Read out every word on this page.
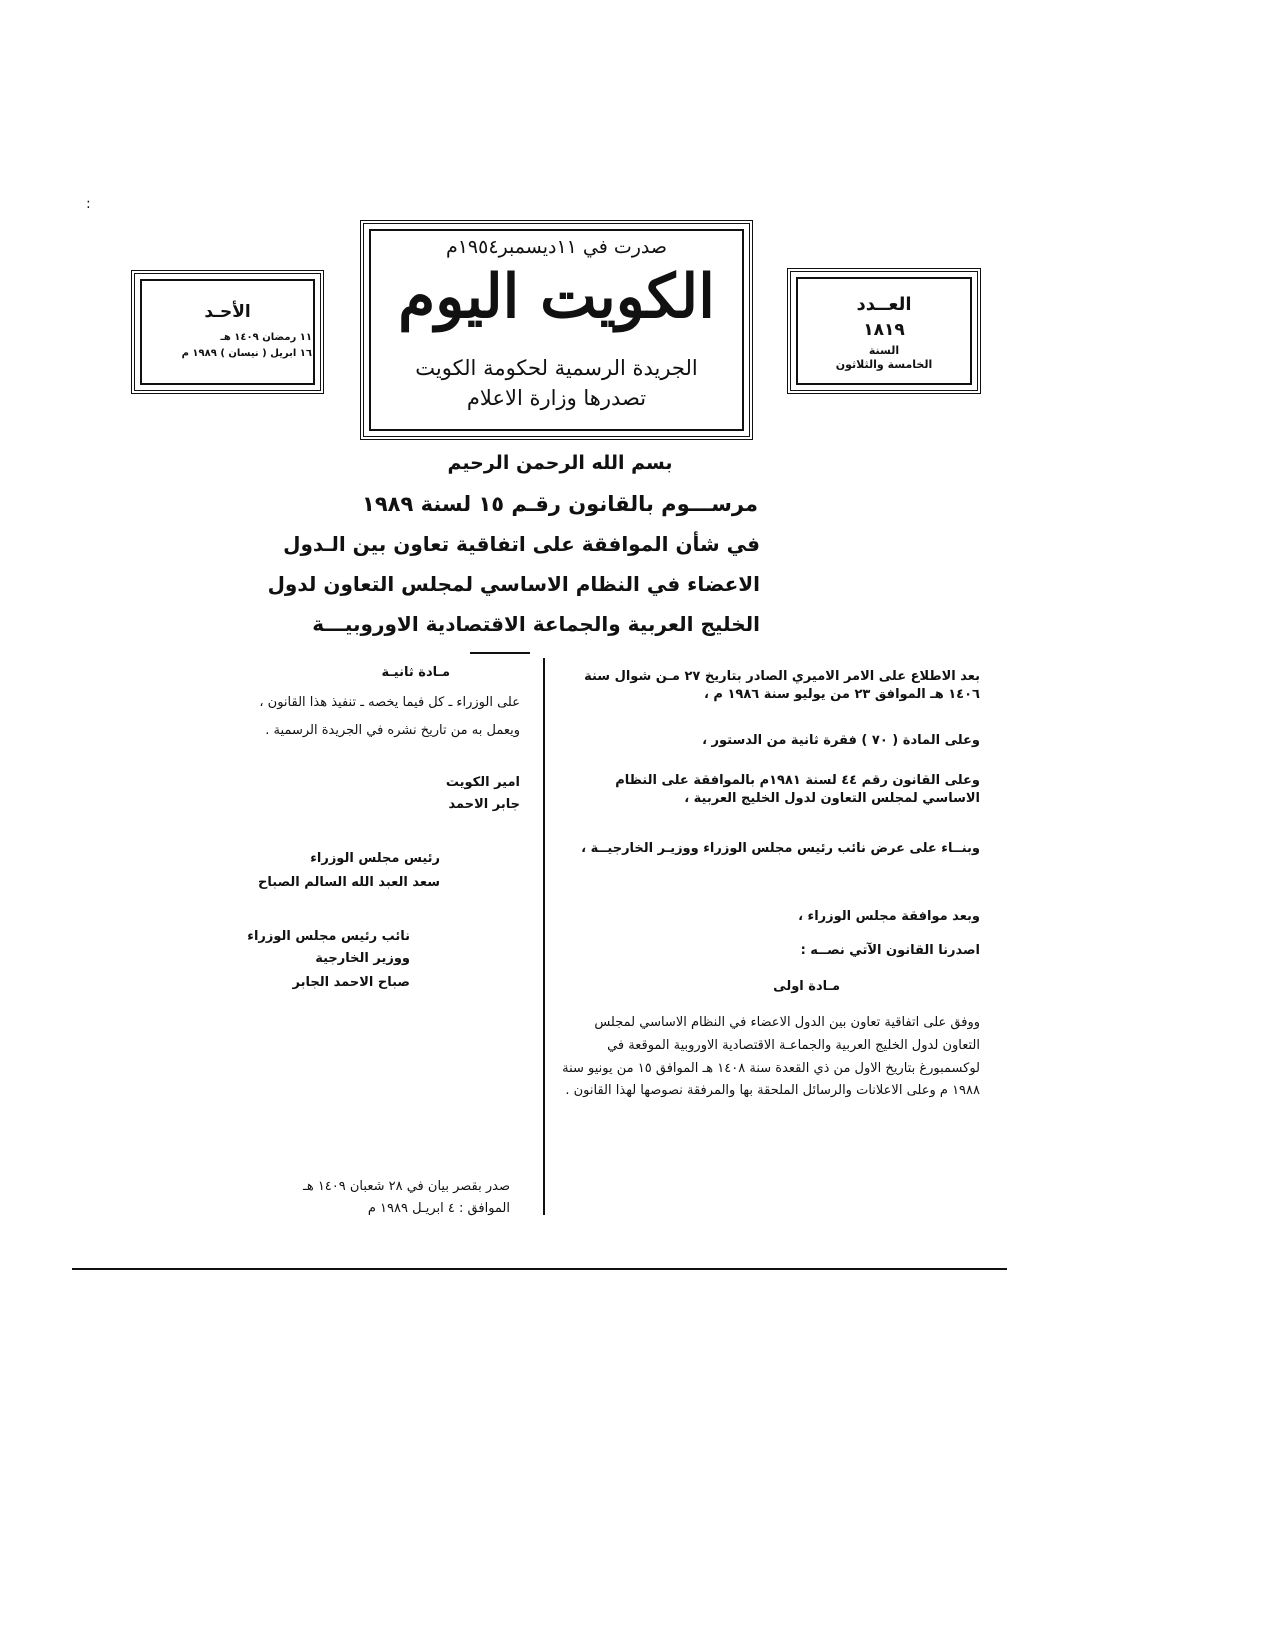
:
العــدد
١٨١٩
السنة
الخامسة والثلاثون
صدرت في ١١ديسمبر١٩٥٤م
الكويت اليوم
الجريدة الرسمية لحكومة الكويت
تصدرها وزارة الاعلام
الأحـد
١١ رمضان ١٤٠٩ هـ
١٦ ابريل ( نيسان ) ١٩٨٩ م
بسم الله الرحمن الرحيم
مرســـوم بالقانون رقـم ١٥ لسنة ١٩٨٩
في شأن الموافقة على اتفاقية تعاون بين الـدول
الاعضاء في النظام الاساسي لمجلس التعاون لدول
الخليج العربية والجماعة الاقتصادية الاوروبيـــة
بعد الاطلاع على الامر الاميري الصادر بتاريخ ٢٧ مـن شوال سنة ١٤٠٦ هـ الموافق ٢٣ من يوليو سنة ١٩٨٦ م ،
وعلى المادة ( ٧٠ ) فقرة ثانية من الدستور ،
وعلى القانون رقم ٤٤ لسنة ١٩٨١م بالموافقة على النظام الاساسي لمجلس التعاون لدول الخليج العربية ،
وبنــاء على عرض نائب رئيس مجلس الوزراء ووزيـر الخارجيــة ،
وبعد موافقة مجلس الوزراء ،
اصدرنا القانون الآتي نصــه :
مـادة اولى
ووفق على اتفاقية تعاون بين الدول الاعضاء في النظام الاساسي لمجلس التعاون لدول الخليج العربية والجماعـة الاقتصادية الاوروبية الموقعة في لوكسمبورغ بتاريخ الاول من ذي القعدة سنة ١٤٠٨ هـ الموافق ١٥ من يونيو سنة ١٩٨٨ م وعلى الاعلانات والرسائل الملحقة بها والمرفقة نصوصها لهذا القانون .
مـادة ثانيـة
على الوزراء ـ كل فيما يخصه ـ تنفيذ هذا القانون ،
ويعمل به من تاريخ نشره في الجريدة الرسمية .
امير الكويت
جابر الاحمد
رئيس مجلس الوزراء
سعد العبد الله السالم الصباح
نائب رئيس مجلس الوزراء
ووزير الخارجية
صباح الاحمد الجابر
صدر بقصر بيان في ٢٨ شعبان ١٤٠٩ هـ
الموافق : ٤ ابريـل ١٩٨٩ م
